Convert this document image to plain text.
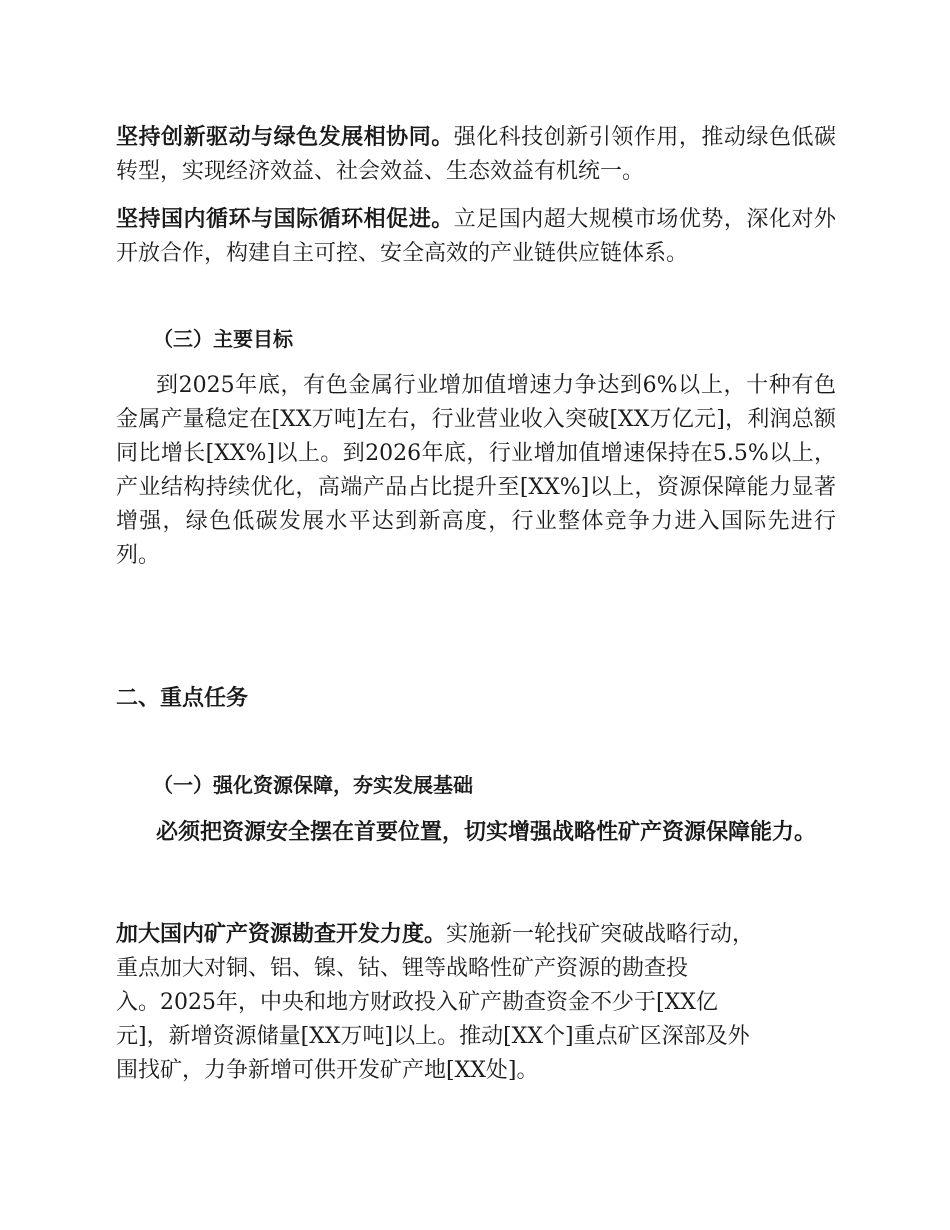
坚持创新驱动与绿色发展相协同。强化科技创新引领作用，推动绿色低碳转型，实现经济效益、社会效益、生态效益有机统一。

坚持国内循环与国际循环相促进。立足国内超大规模市场优势，深化对外开放合作，构建自主可控、安全高效的产业链供应链体系。

（三）主要目标

到2025年底，有色金属行业增加值增速力争达到6%以上，十种有色金属产量稳定在[XX万吨]左右，行业营业收入突破[XX万亿元]，利润总额同比增长[XX%]以上。到2026年底，行业增加值增速保持在5.5%以上，产业结构持续优化，高端产品占比提升至[XX%]以上，资源保障能力显著增强，绿色低碳发展水平达到新高度，行业整体竞争力进入国际先进行列。

二、重点任务
（一）强化资源保障，夯实发展基础

必须把资源安全摆在首要位置，切实增强战略性矿产资源保障能力。

加大国内矿产资源勘查开发力度。实施新一轮找矿突破战略行动，
重点加大对铜、铝、镍、钴、锂等战略性矿产资源的勘查投
入。2025年，中央和地方财政投入矿产勘查资金不少于[XX亿
元]，新增资源储量[XX万吨]以上。推动[XX个]重点矿区深部及外
围找矿，力争新增可供开发矿产地[XX处]。
